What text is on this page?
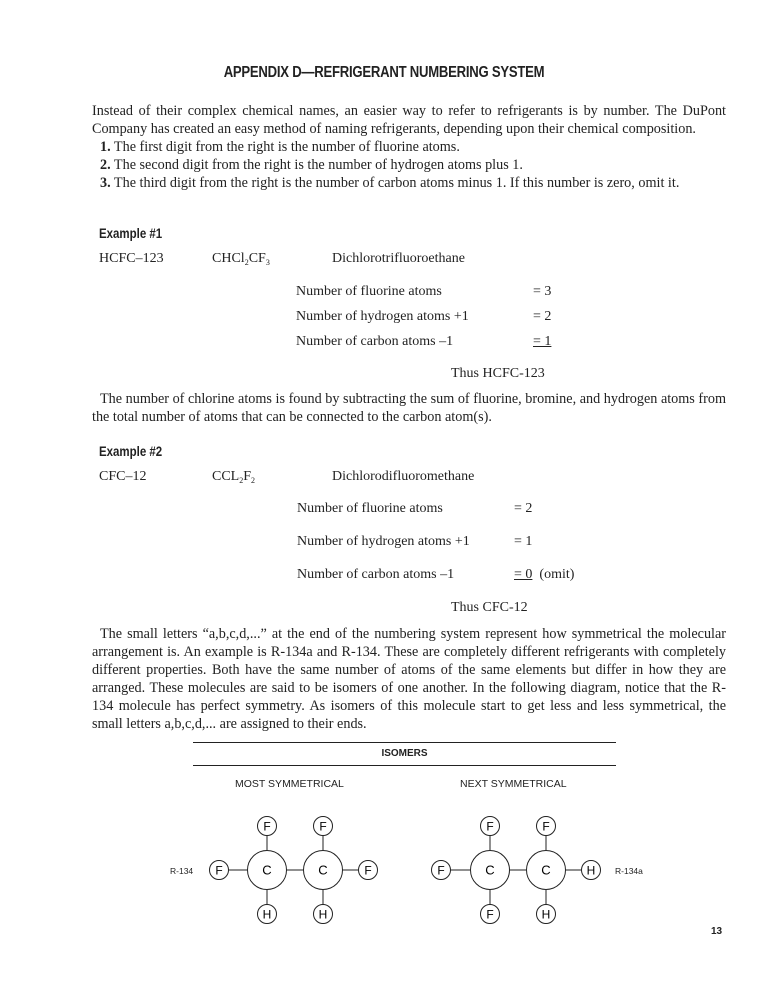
APPENDIX D—REFRIGERANT NUMBERING SYSTEM

Instead of their complex chemical names, an easier way to refer to refrigerants is by number. The DuPont Company has created an easy method of naming refrigerants, depending upon their chemical composition.

1. The first digit from the right is the number of fluorine atoms.

2. The second digit from the right is the number of hydrogen atoms plus 1.

3. The third digit from the right is the number of carbon atoms minus 1. If this number is zero, omit it.

Example #1
HCFC–123	$CHCl_2CF_3$	Dichlorotrifluoroethane
Number of fluorine atoms	= 3
Number of hydrogen atoms +1	= 2
Number of carbon atoms –1	= 1
Thus HCFC-123

The number of chlorine atoms is found by subtracting the sum of fluorine, bromine, and hydrogen atoms from the total number of atoms that can be connected to the carbon atom(s).

Example #2
CFC–12	$CCL_2F_2$	Dichlorodifluoromethane
Number of fluorine atoms	= 2
Number of hydrogen atoms +1	= 1
Number of carbon atoms –1	= 0 (omit)
Thus CFC-12

The small letters “a,b,c,d,...” at the end of the numbering system represent how symmetrical the molecular arrangement is. An example is R-134a and R-134. These are completely different refrigerants with completely different properties. Both have the same number of atoms of the same elements but differ in how they are arranged. These molecules are said to be isomers of one another. In the following diagram, notice that the R-134 molecule has perfect symmetry. As isomers of this molecule start to get less and less symmetrical, the small letters a,b,c,d,... are assigned to their ends.

ISOMERS
MOST SYMMETRICAL	NEXT SYMMETRICAL
R-134	R-134a
F	C	C	F
F	F
H	H
F	C	C	H
F	F
F	H
13
